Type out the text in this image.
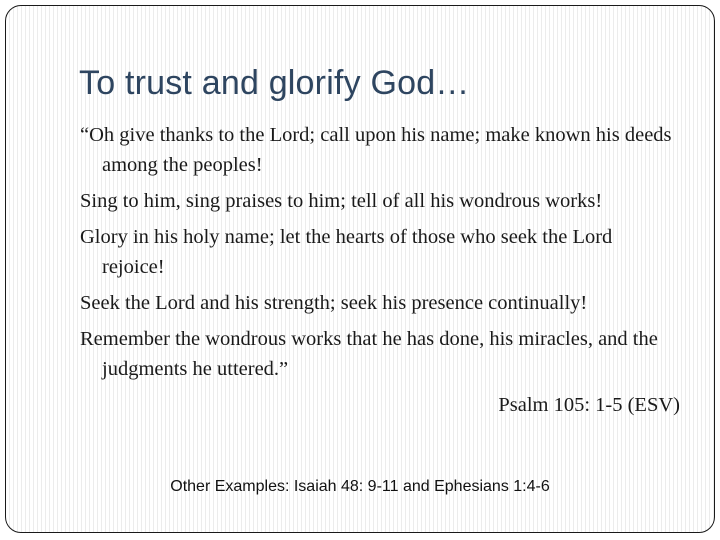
To trust and glorify God…

“Oh give thanks to the Lord; call upon his name; make known his deeds among the peoples!

Sing to him, sing praises to him; tell of all his wondrous works!

Glory in his holy name; let the hearts of those who seek the Lord rejoice!

Seek the Lord and his strength; seek his presence continually!

Remember the wondrous works that he has done, his miracles, and the judgments he uttered.”

Psalm 105: 1-5 (ESV)

Other Examples: Isaiah 48: 9-11 and Ephesians 1:4-6
